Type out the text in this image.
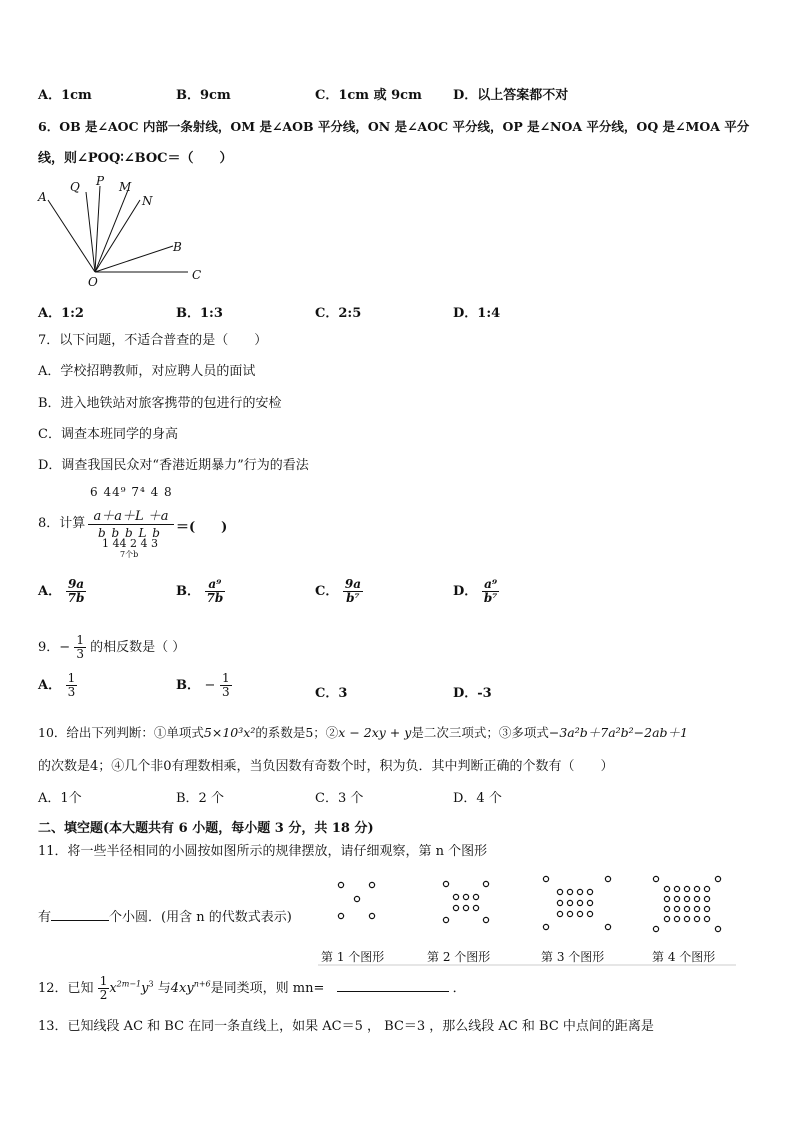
A．1cm	B．9cm	C．1cm 或 9cm D．以上答案都不对
6．OB 是∠AOC 内部一条射线，OM 是∠AOB 平分线，ON 是∠AOC 平分线，OP 是∠NOA 平分线，OQ 是∠MOA 平分
线，则∠POQ∶∠BOC＝（　　）
A
Q P M
N
B
C
O
A．1:2	B．1:3	C．2:5	D．1:4
7．以下问题，不适合普查的是（　　）
A．学校招聘教师，对应聘人员的面试
B．进入地铁站对旅客携带的包进行的安检
C．调查本班同学的身高
D．调查我国民众对“香港近期暴力”行为的看法
6 44⁹ 7⁴ 4 8
8．计算 a＋a＋L ＋a
b b b L b
1 44 2 4 3
7个b
＝(　　)
A． $\frac{9a}{7b}$	B． $\frac{\text{a⁹}}{7b}$	C． $\frac{9a}{\text{b⁷}}$	D． $\frac{\text{a⁹}}{\text{b⁷}}$
9．− $\frac{1}{3}$ 的相反数是（ ）
A． $\frac{1}{3}$	B． − $\frac{1}{3}$	C．3	D．-3
10．给出下列判断：①单项式5×10³x²的系数是5；②x − 2xy + y是二次三项式；③多项式−3a²b＋7a²b²−2ab＋1
的次数是4；④几个非0有理数相乘，当负因数有奇数个时，积为负．其中判断正确的个数有（　　）
A．1个	B．2 个	C．3 个	D．4 个
二、填空题(本大题共有 6 小题，每小题 3 分，共 18 分)
11．将一些半径相同的小圆按如图所示的规律摆放，请仔细观察，第 n 个图形
有	个小圆．(用含 n 的代数式表示)
第 1 个图形	第 2 个图形	第 3 个图形	第 4 个图形
12．已知 $\frac{1}{2} x^{2m-1}y^3$ 与$4xy^{n+6}$是同类项，则 mn=	．
13．已知线段 AC 和 BC 在同一条直线上，如果 AC＝5 ， BC＝3 ，那么线段 AC 和 BC 中点间的距离是
